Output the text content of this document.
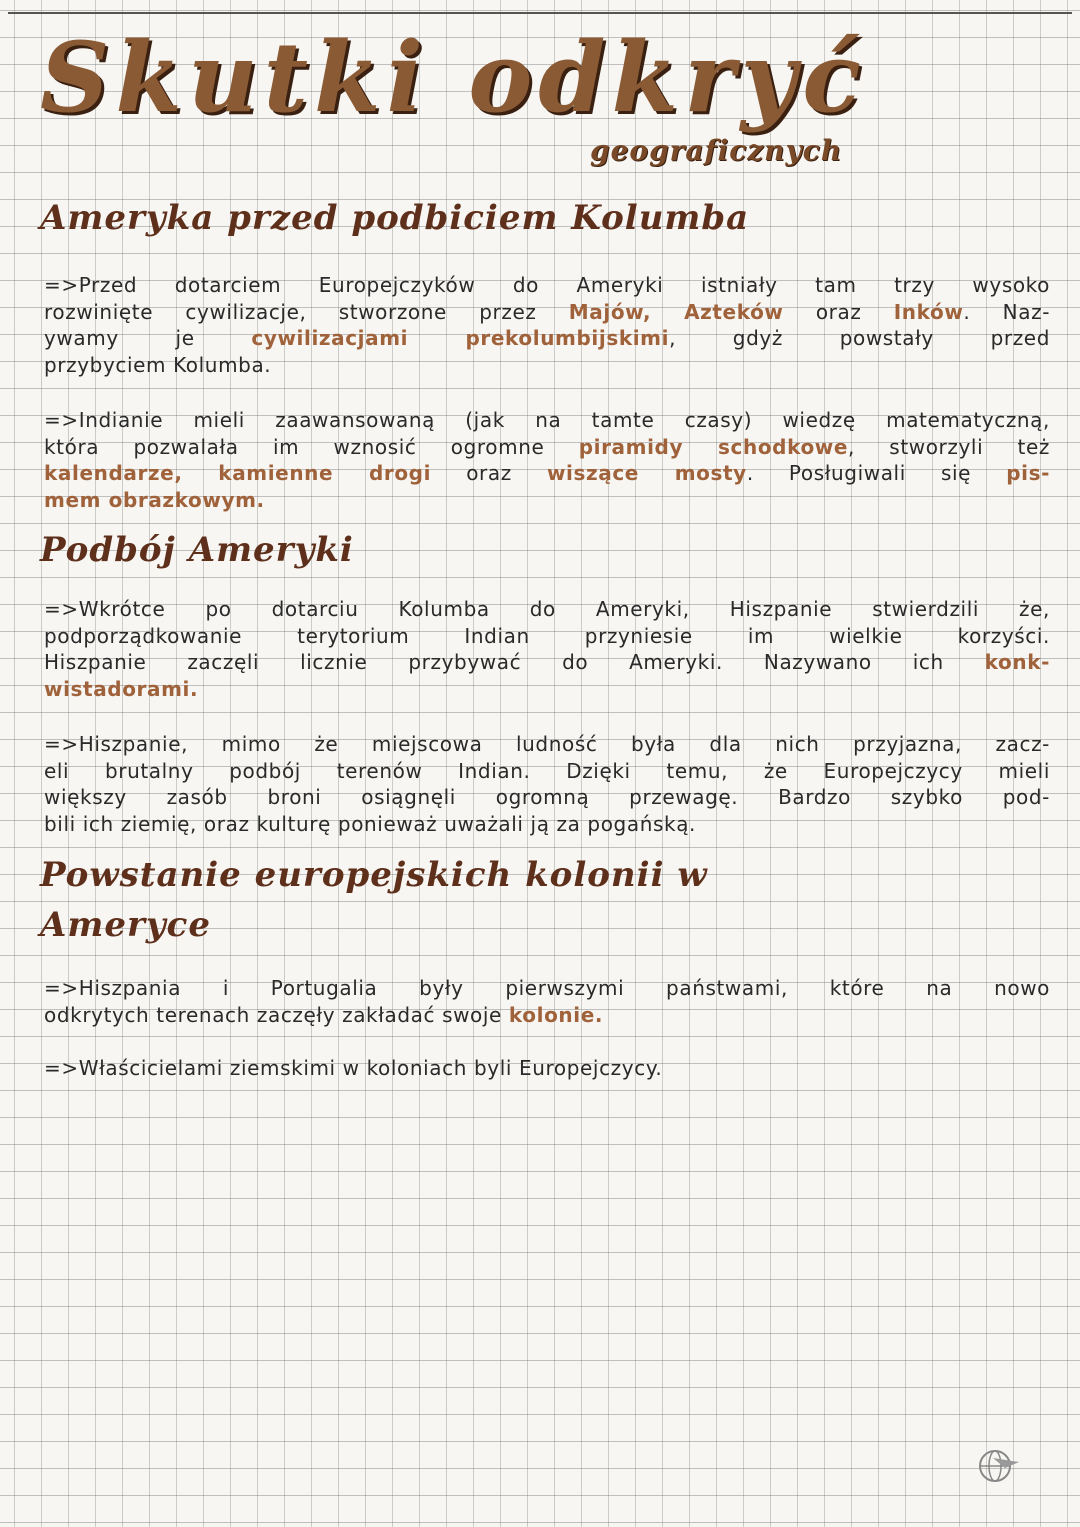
Skutki odkryć
geograficznych
Ameryka przed podbiciem Kolumba
=>Przed dotarciem Europejczyków do Ameryki istniały tam trzy wysoko
rozwinięte cywilizacje, stworzone przez Majów, Azteków oraz Inków. Naz-
ywamy je cywilizacjami prekolumbijskimi, gdyż powstały przed
przybyciem Kolumba.
=>Indianie mieli zaawansowaną (jak na tamte czasy) wiedzę matematyczną,
która pozwalała im wznosić ogromne piramidy schodkowe, stworzyli też
kalendarze, kamienne drogi oraz wiszące mosty. Posługiwali się pis-
mem obrazkowym.
Podbój Ameryki
=>Wkrótce po dotarciu Kolumba do Ameryki, Hiszpanie stwierdzili że,
podporządkowanie terytorium Indian przyniesie im wielkie korzyści.
Hiszpanie zaczęli licznie przybywać do Ameryki. Nazywano ich konk-
wistadorami.
=>Hiszpanie, mimo że miejscowa ludność była dla nich przyjazna, zacz-
eli brutalny podbój terenów Indian. Dzięki temu, że Europejczycy mieli
większy zasób broni osiągnęli ogromną przewagę. Bardzo szybko pod-
bili ich ziemię, oraz kulturę ponieważ uważali ją za pogańską.
Powstanie europejskich kolonii w
Ameryce
=>Hiszpania i Portugalia były pierwszymi państwami, które na nowo
odkrytych terenach zaczęły zakładać swoje kolonie.
=>Właścicielami ziemskimi w koloniach byli Europejczycy.
